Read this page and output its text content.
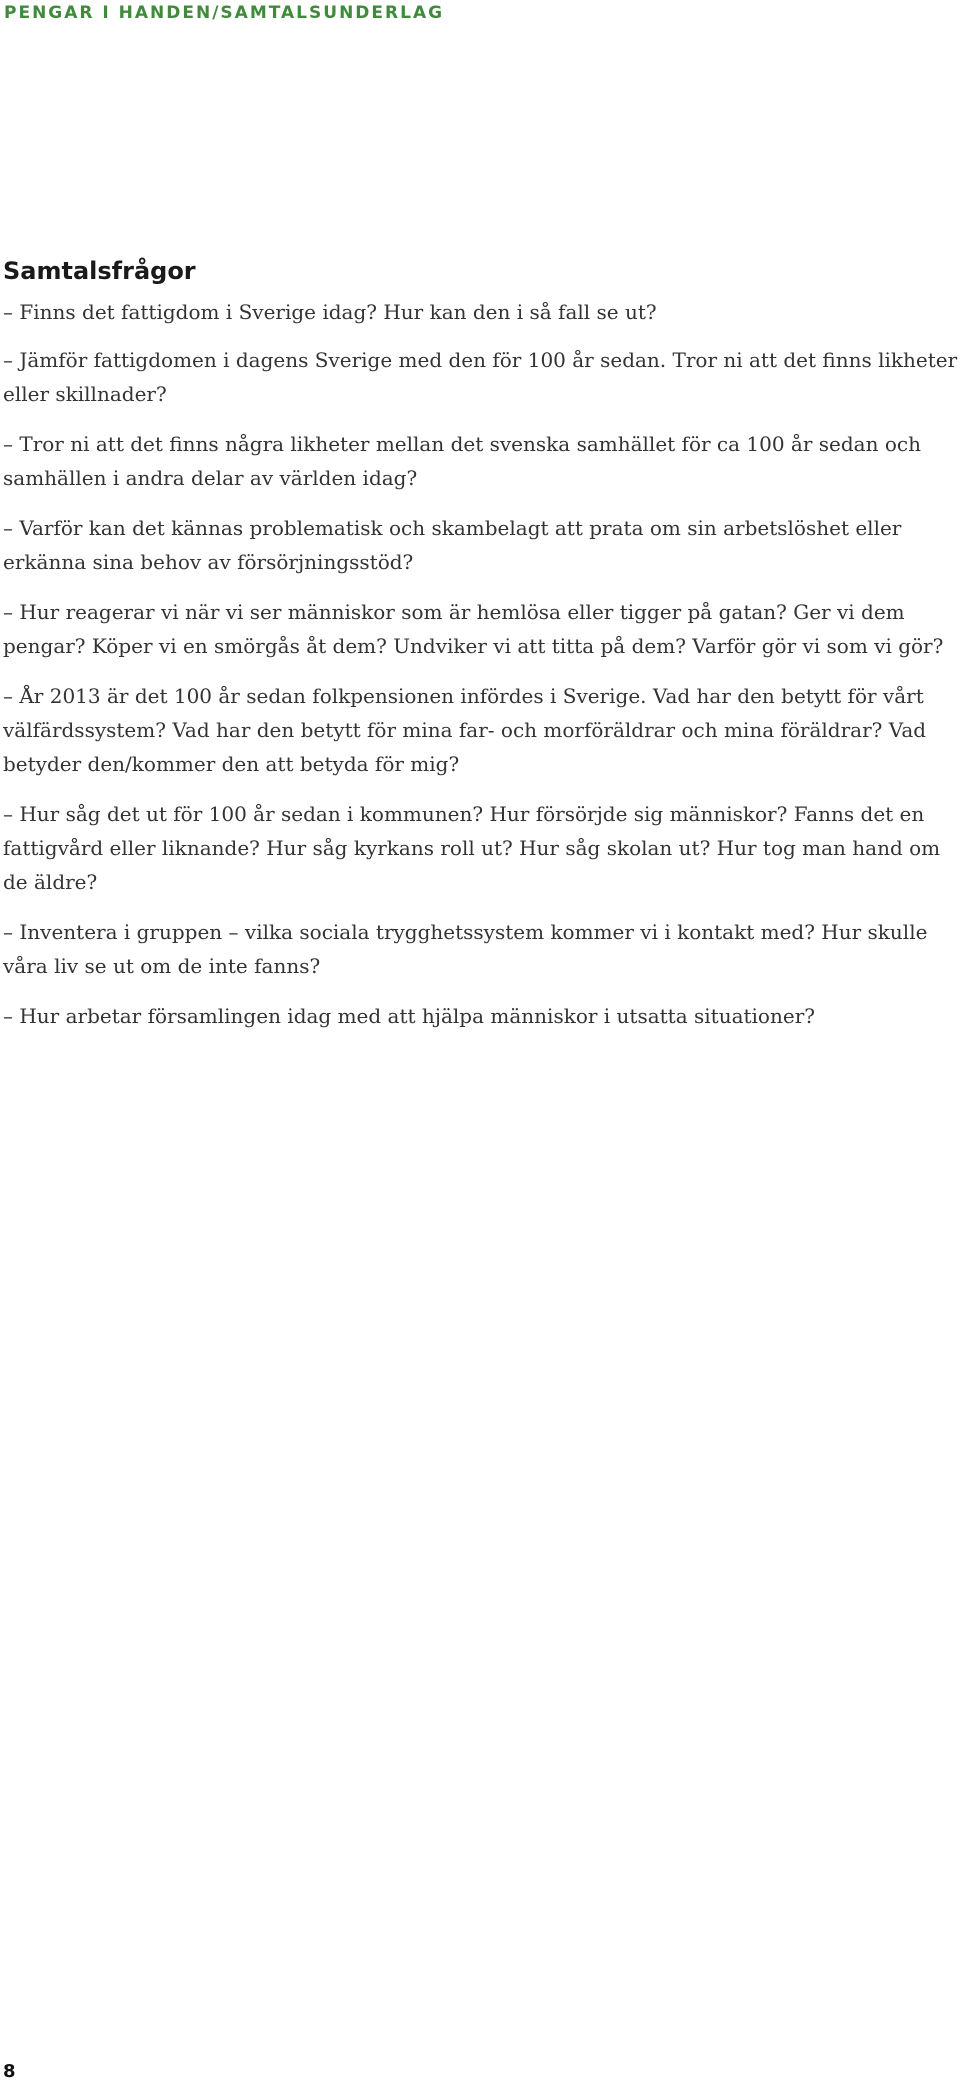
PENGAR I HANDEN/SAMTALSUNDERLAG
Samtalsfrågor
– Finns det fattigdom i Sverige idag? Hur kan den i så fall se ut?
– Jämför fattigdomen i dagens Sverige med den för 100 år sedan. Tror ni att det finns likheter eller skillnader?
– Tror ni att det finns några likheter mellan det svenska samhället för ca 100 år sedan och samhällen i andra delar av världen idag?
– Varför kan det kännas problematisk och skambelagt att prata om sin arbetslöshet eller erkänna sina behov av försörjningsstöd?
– Hur reagerar vi när vi ser människor som är hemlösa eller tigger på gatan? Ger vi dem pengar? Köper vi en smörgås åt dem? Undviker vi att titta på dem? Varför gör vi som vi gör?
– År 2013 är det 100 år sedan folkpensionen infördes i Sverige. Vad har den betytt för vårt välfärdssystem? Vad har den betytt för mina far- och morföräldrar och mina föräldrar? Vad betyder den/kommer den att betyda för mig?
– Hur såg det ut för 100 år sedan i kommunen? Hur försörjde sig människor? Fanns det en fattigvård eller liknande? Hur såg kyrkans roll ut? Hur såg skolan ut? Hur tog man hand om de äldre?
– Inventera i gruppen – vilka sociala trygghetssystem kommer vi i kontakt med? Hur skulle våra liv se ut om de inte fanns?
– Hur arbetar församlingen idag med att hjälpa människor i utsatta situationer?
8
